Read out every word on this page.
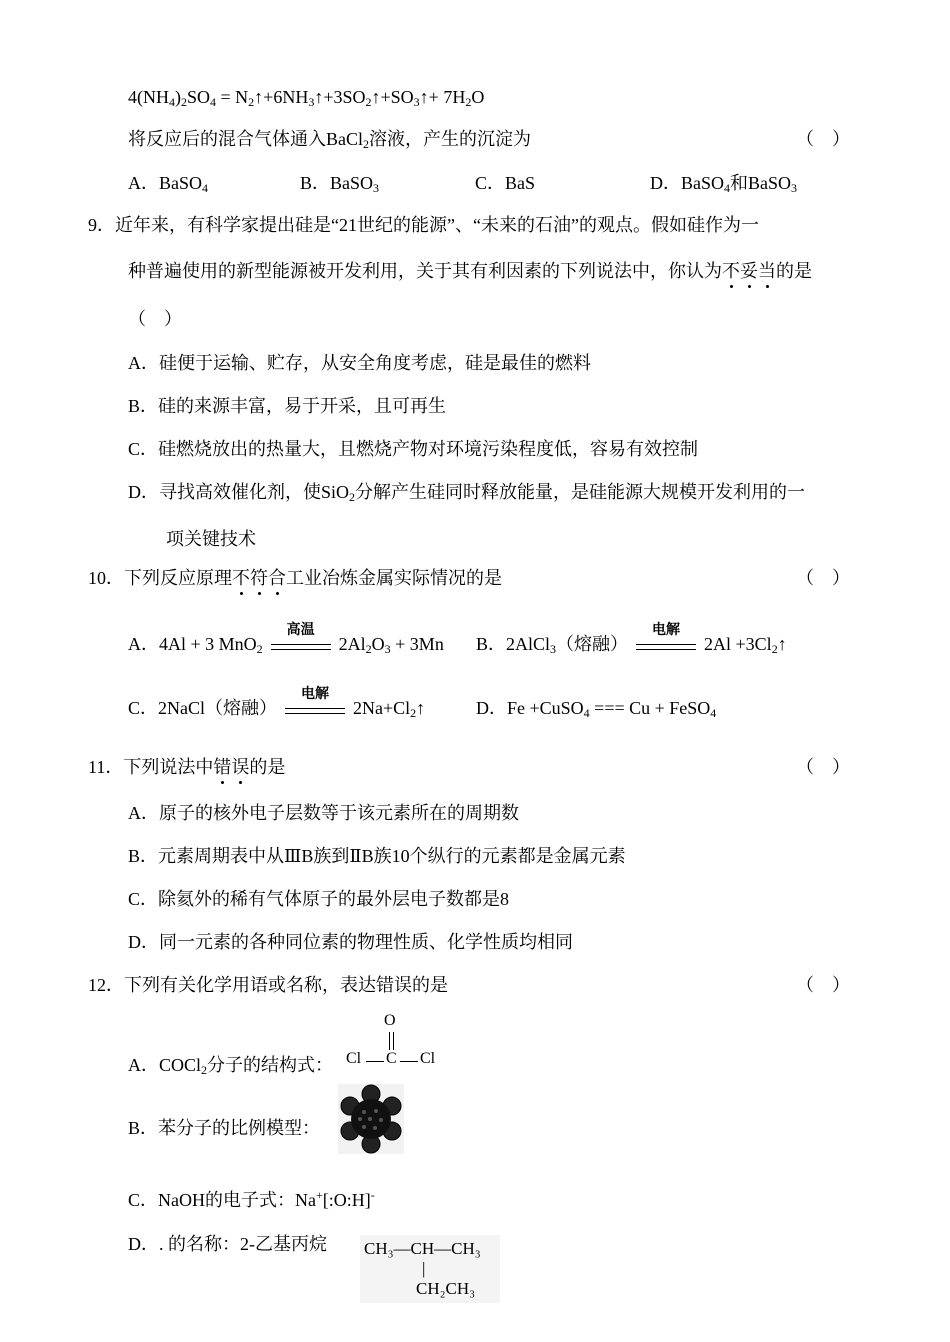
$4(NH_4)_2SO_4$ = $N_2↑+6NH_3↑+3SO_2↑+SO_3↑+ 7H_2O$
将反应后的混合气体通入BaCl$_2$溶液，产生的沉淀为	（　）
A．BaSO$_4$	B．BaSO$_3$	C．BaS	D．BaSO$_4$和BaSO$_3$
9．近年来，有科学家提出硅是“21世纪的能源”、“未来的石油”的观点。假如硅作为一
种普遍使用的新型能源被开发利用，关于其有利因素的下列说法中，你认为不妥当的是
（　）
A．硅便于运输、贮存，从安全角度考虑，硅是最佳的燃料
B．硅的来源丰富，易于开采，且可再生
C．硅燃烧放出的热量大，且燃烧产物对环境污染程度低，容易有效控制
D．寻找高效催化剂，使SiO$_2$分解产生硅同时释放能量，是硅能源大规模开发利用的一
项关键技术
10．下列反应原理不符合工业冶炼金属实际情况的是	（　）
A．4Al + 3 MnO$_2$
高温
$2Al_2O_3 + 3Mn$ B．2AlCl$_3$（熔融）
电解
$2Al +3Cl_2↑$
C．2NaCl（熔融）
电解
$2Na+Cl_2↑$	D．Fe +CuSO$_4$ === Cu + FeSO$_4$
11．下列说法中错误的是	（　）
A．原子的核外电子层数等于该元素所在的周期数
B．元素周期表中从ⅢB族到ⅡB族10个纵行的元素都是金属元素
C．除氦外的稀有气体原子的最外层电子数都是8
D．同一元素的各种同位素的物理性质、化学性质均相同
12．下列有关化学用语或名称，表达错误的是	（　）
A．COCl$_2$分子的结构式：
O
Cl C Cl
B．苯分子的比例模型：
C．NaOH的电子式：Na+[:O:H]-
D．. 的名称：2-乙基丙烷 CH₃—CH—CH₃
|
CH₂CH₃
